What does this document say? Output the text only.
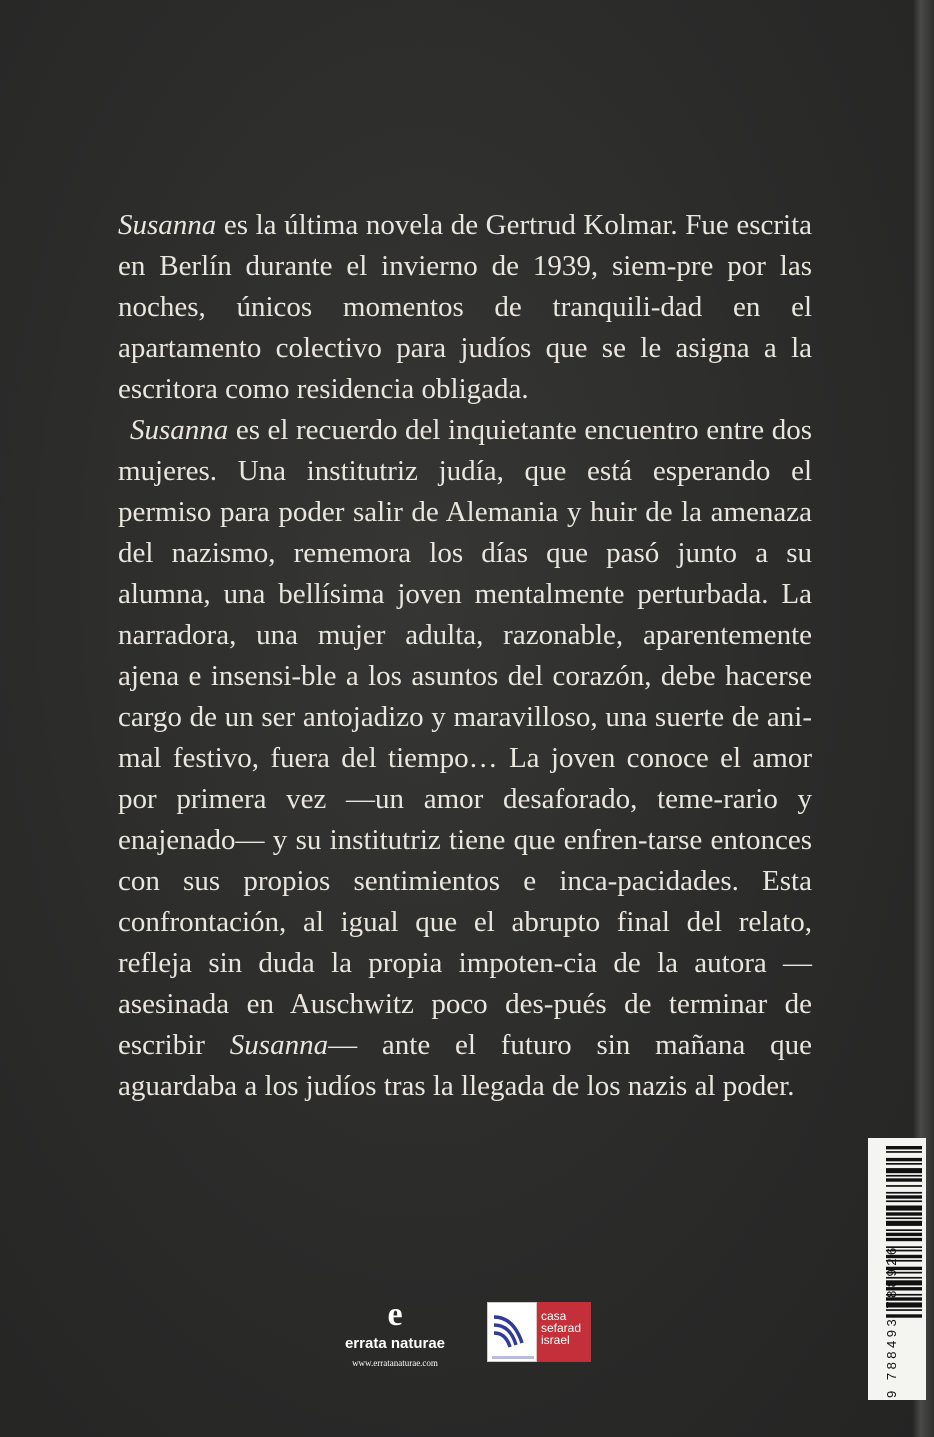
Susanna es la última novela de Gertrud Kolmar. Fue escrita en Berlín durante el invierno de 1939, siem-pre por las noches, únicos momentos de tranquili-dad en el apartamento colectivo para judíos que se le asigna a la escritora como residencia obligada.

Susanna es el recuerdo del inquietante encuentro entre dos mujeres. Una institutriz judía, que está esperando el permiso para poder salir de Alemania y huir de la amenaza del nazismo, rememora los días que pasó junto a su alumna, una bellísima joven mentalmente perturbada. La narradora, una mujer adulta, razonable, aparentemente ajena e insensi-ble a los asuntos del corazón, debe hacerse cargo de un ser antojadizo y maravilloso, una suerte de ani-mal festivo, fuera del tiempo… La joven conoce el amor por primera vez —un amor desaforado, teme-rario y enajenado— y su institutriz tiene que enfren-tarse entonces con sus propios sentimientos e inca-pacidades. Esta confrontación, al igual que el abrupto final del relato, refleja sin duda la propia impoten-cia de la autora —asesinada en Auschwitz poco des-pués de terminar de escribir Susanna— ante el futuro sin mañana que aguardaba a los judíos tras la llegada de los nazis al poder.

9 788493 788926
e
errata naturae
www.erratanaturae.com
casa
sefarad
israel
